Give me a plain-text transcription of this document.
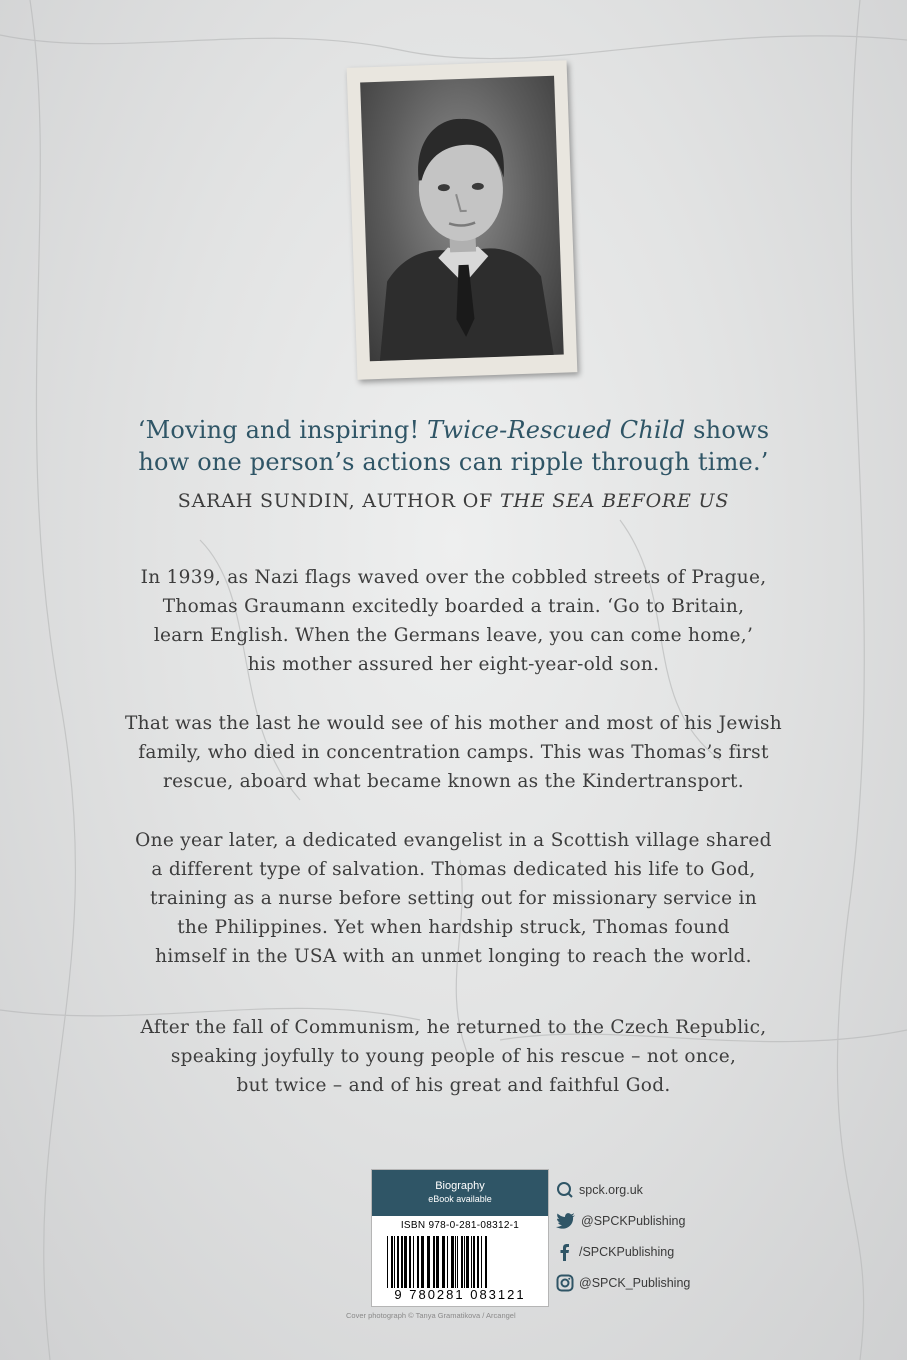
‘Moving and inspiring! Twice-Rescued Child shows
how one person’s actions can ripple through time.’
SARAH SUNDIN, AUTHOR OF THE SEA BEFORE US
In 1939, as Nazi flags waved over the cobbled streets of Prague,
Thomas Graumann excitedly boarded a train. ‘Go to Britain,
learn English. When the Germans leave, you can come home,’
his mother assured her eight-year-old son.
That was the last he would see of his mother and most of his Jewish
family, who died in concentration camps. This was Thomas’s first
rescue, aboard what became known as the Kindertransport.
One year later, a dedicated evangelist in a Scottish village shared
a different type of salvation. Thomas dedicated his life to God,
training as a nurse before setting out for missionary service in
the Philippines. Yet when hardship struck, Thomas found
himself in the USA with an unmet longing to reach the world.
After the fall of Communism, he returned to the Czech Republic,
speaking joyfully to young people of his rescue – not once,
but twice – and of his great and faithful God.
Biography
eBook available
ISBN 978-0-281-08312-1
9 780281 083121
spck.org.uk
@SPCKPublishing
/SPCKPublishing
@SPCK_Publishing
Cover photograph © Tanya Gramatikova / Arcangel
